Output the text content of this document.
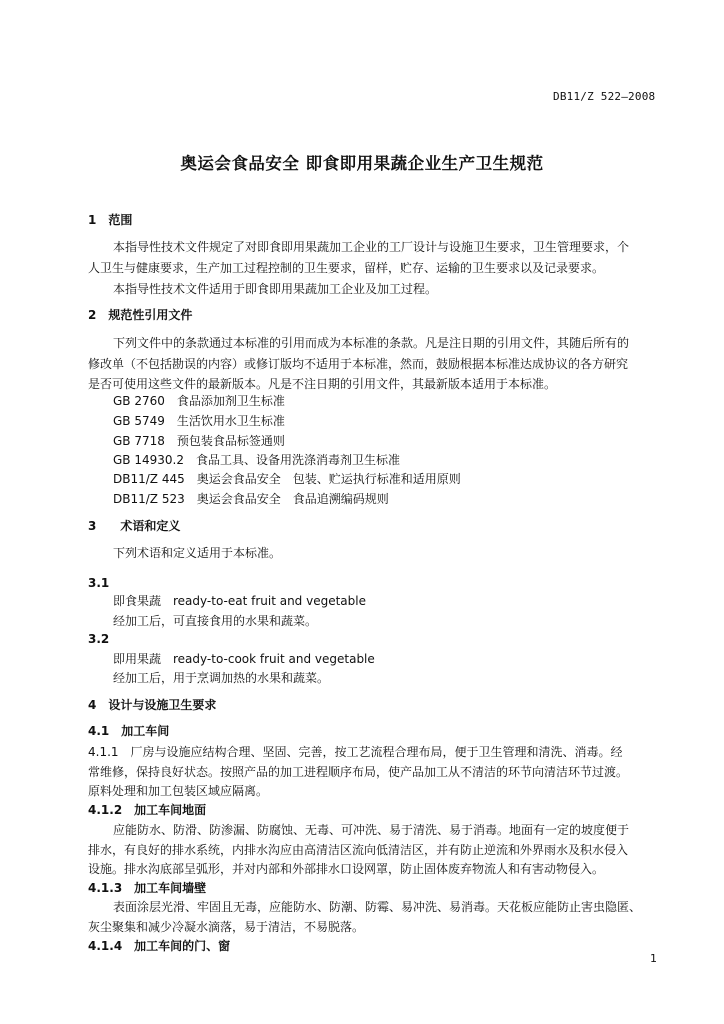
DB11/Z 522—2008
奥运会食品安全 即食即用果蔬企业生产卫生规范
1　范围
本指导性技术文件规定了对即食即用果蔬加工企业的工厂设计与设施卫生要求，卫生管理要求，个
人卫生与健康要求，生产加工过程控制的卫生要求，留样，贮存、运输的卫生要求以及记录要求。
本指导性技术文件适用于即食即用果蔬加工企业及加工过程。
2　规范性引用文件
下列文件中的条款通过本标准的引用而成为本标准的条款。凡是注日期的引用文件，其随后所有的
修改单（不包括勘误的内容）或修订版均不适用于本标准，然而，鼓励根据本标准达成协议的各方研究
是否可使用这些文件的最新版本。凡是不注日期的引用文件，其最新版本适用于本标准。
GB 2760　食品添加剂卫生标准
GB 5749　生活饮用水卫生标准
GB 7718　预包装食品标签通则
GB 14930.2　食品工具、设备用洗涤消毒剂卫生标准
DB11/Z 445　奥运会食品安全　包装、贮运执行标准和适用原则
DB11/Z 523　奥运会食品安全　食品追溯编码规则
3　　术语和定义
下列术语和定义适用于本标准。
3.1
即食果蔬　ready-to-eat fruit and vegetable
经加工后，可直接食用的水果和蔬菜。
3.2
即用果蔬　ready-to-cook fruit and vegetable
经加工后，用于烹调加热的水果和蔬菜。
4　设计与设施卫生要求
4.1　加工车间
4.1.1　厂房与设施应结构合理、坚固、完善，按工艺流程合理布局，便于卫生管理和清洗、消毒。经
常维修，保持良好状态。按照产品的加工进程顺序布局，使产品加工从不清洁的环节向清洁环节过渡。
原料处理和加工包装区域应隔离。
4.1.2　加工车间地面
应能防水、防滑、防渗漏、防腐蚀、无毒、可冲洗、易于清洗、易于消毒。地面有一定的坡度便于
排水，有良好的排水系统，内排水沟应由高清洁区流向低清洁区，并有防止逆流和外界雨水及积水侵入
设施。排水沟底部呈弧形，并对内部和外部排水口设网罩，防止固体废弃物流人和有害动物侵入。
4.1.3　加工车间墙壁
表面涂层光滑、牢固且无毒，应能防水、防潮、防霉、易冲洗、易消毒。天花板应能防止害虫隐匿、
灰尘聚集和减少冷凝水滴落，易于清洁，不易脱落。
4.1.4　加工车间的门、窗
1
